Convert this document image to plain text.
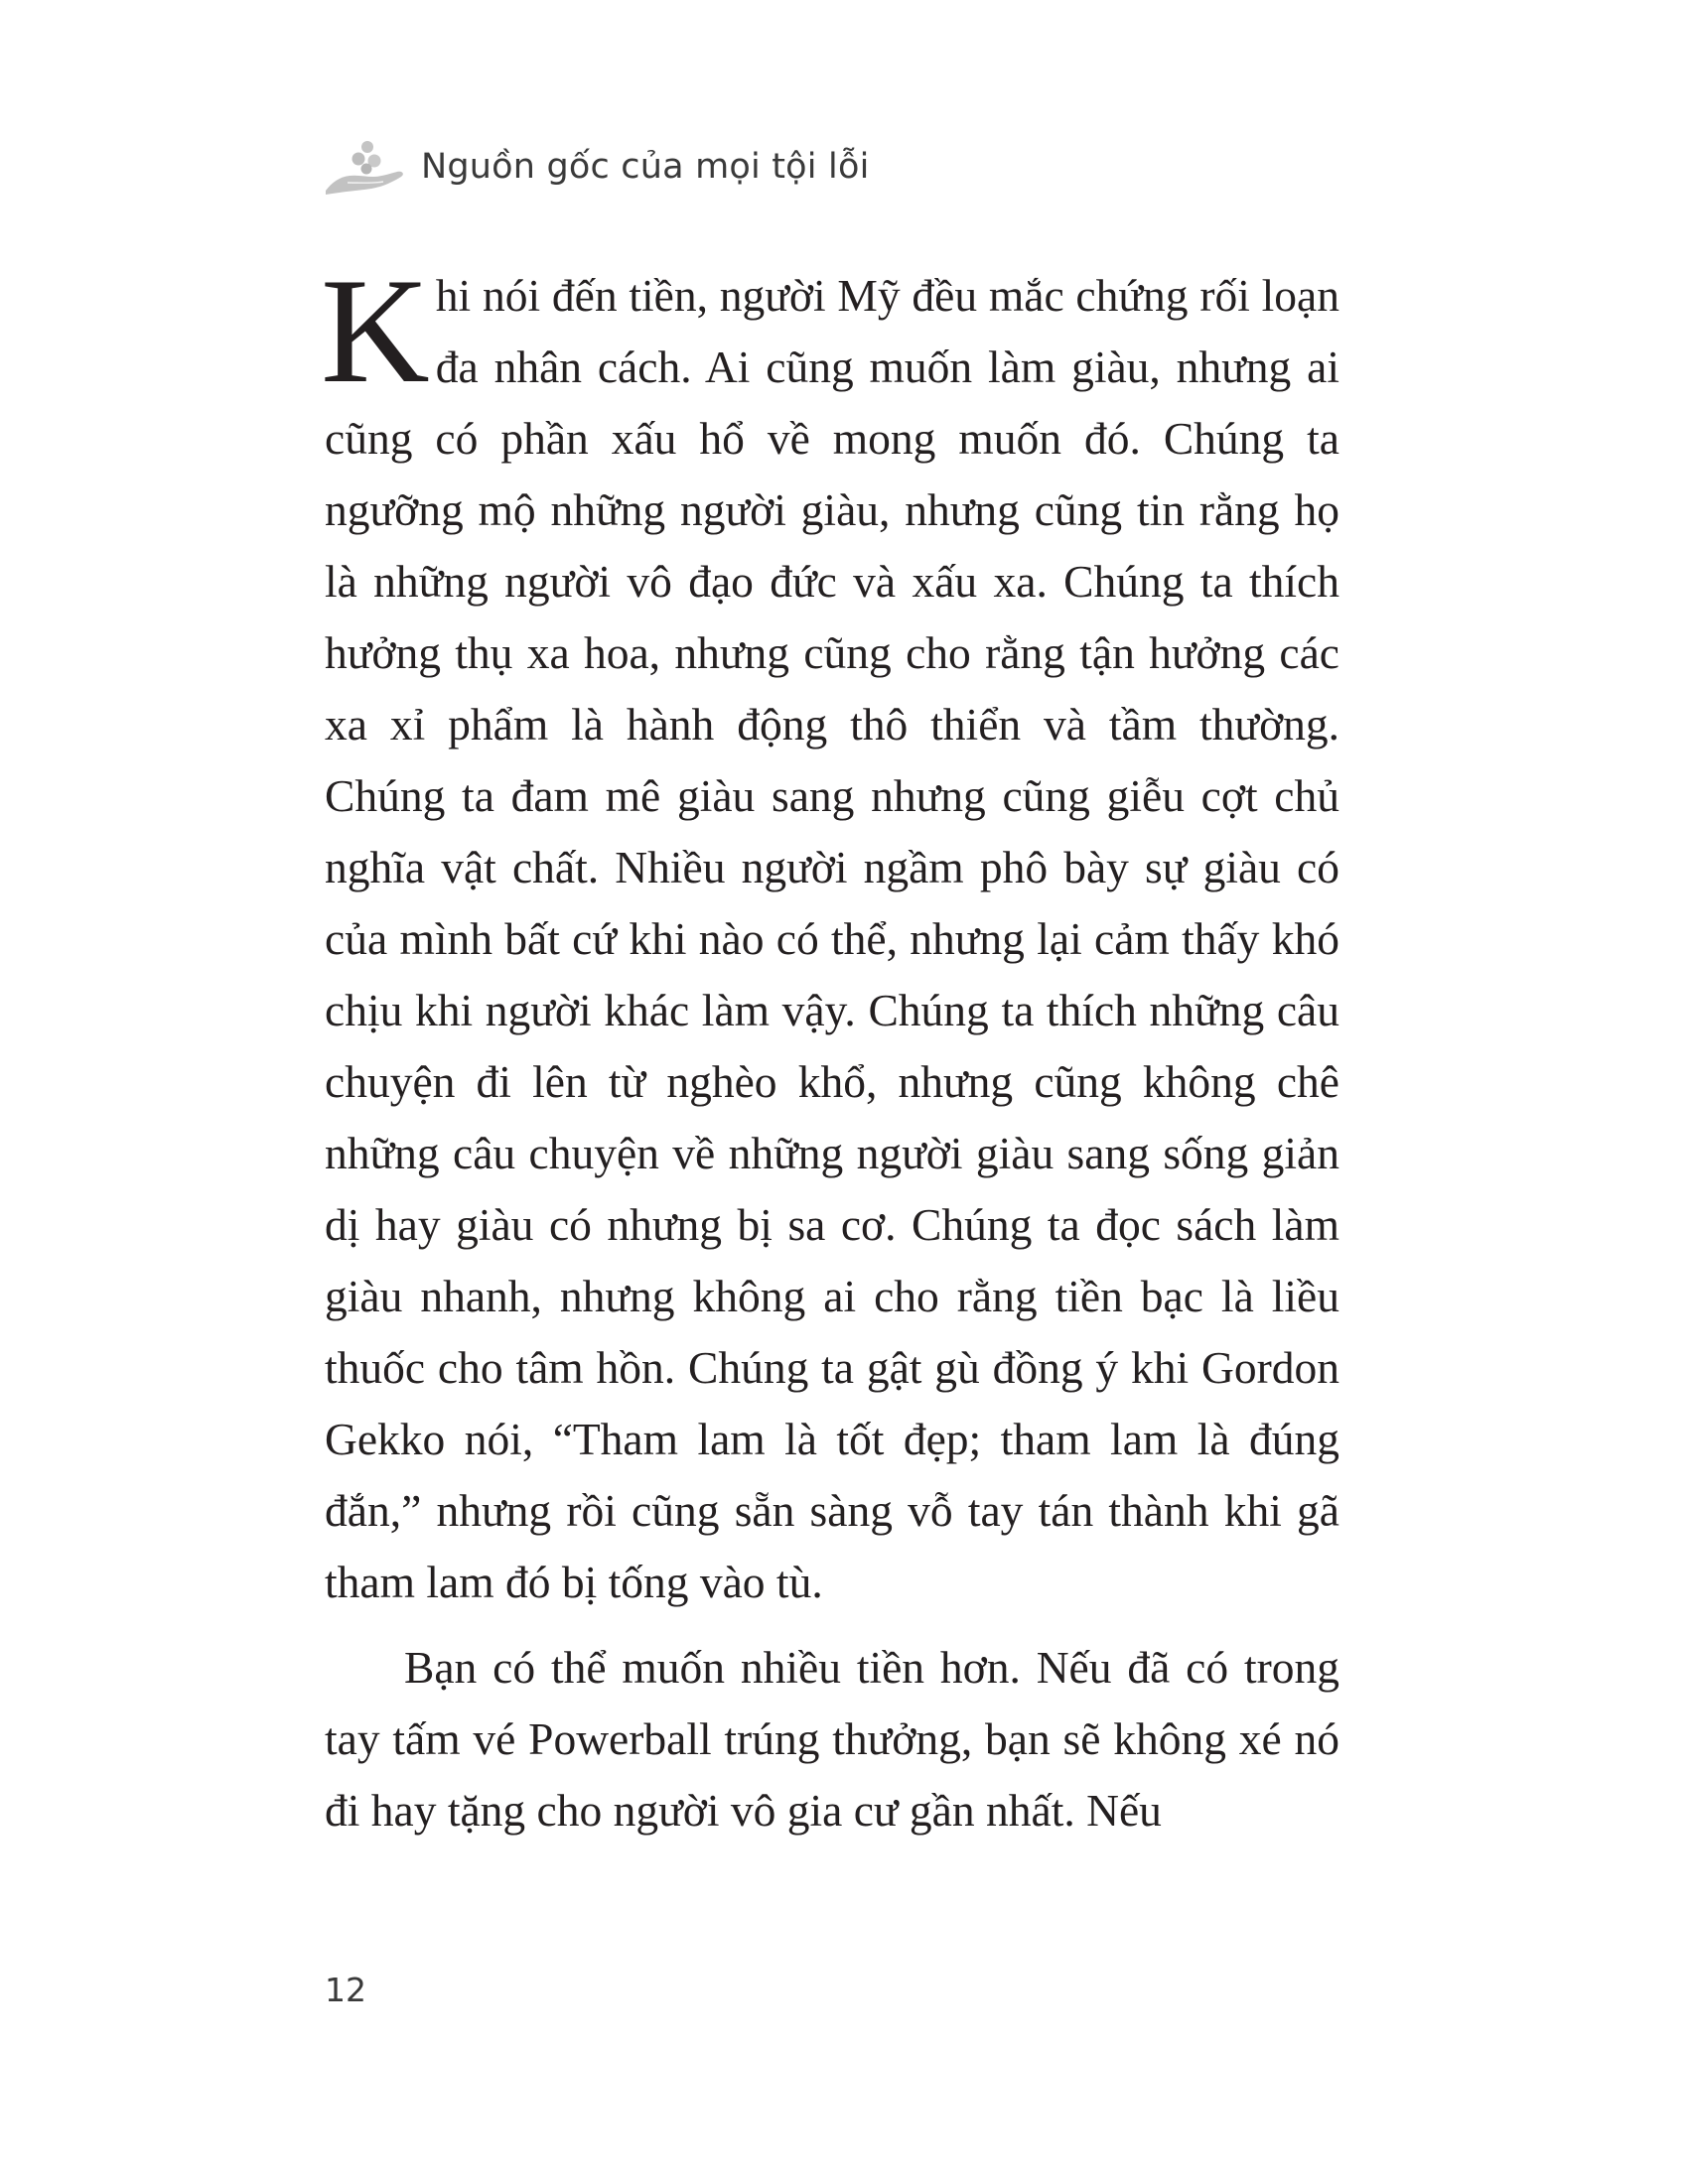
Nguồn gốc của mọi tội lỗi

Khi nói đến tiền, người Mỹ đều mắc chứng rối loạn đa nhân cách. Ai cũng muốn làm giàu, nhưng ai cũng có phần xấu hổ về mong muốn đó. Chúng ta ngưỡng mộ những người giàu, nhưng cũng tin rằng họ là những người vô đạo đức và xấu xa. Chúng ta thích hưởng thụ xa hoa, nhưng cũng cho rằng tận hưởng các xa xỉ phẩm là hành động thô thiển và tầm thường. Chúng ta đam mê giàu sang nhưng cũng giễu cợt chủ nghĩa vật chất. Nhiều người ngầm phô bày sự giàu có của mình bất cứ khi nào có thể, nhưng lại cảm thấy khó chịu khi người khác làm vậy. Chúng ta thích những câu chuyện đi lên từ nghèo khổ, nhưng cũng không chê những câu chuyện về những người giàu sang sống giản dị hay giàu có nhưng bị sa cơ. Chúng ta đọc sách làm giàu nhanh, nhưng không ai cho rằng tiền bạc là liều thuốc cho tâm hồn. Chúng ta gật gù đồng ý khi Gordon Gekko nói, “Tham lam là tốt đẹp; tham lam là đúng đắn,” nhưng rồi cũng sẵn sàng vỗ tay tán thành khi gã tham lam đó bị tống vào tù.

Bạn có thể muốn nhiều tiền hơn. Nếu đã có trong tay tấm vé Powerball trúng thưởng, bạn sẽ không xé nó đi hay tặng cho người vô gia cư gần nhất. Nếu

12
